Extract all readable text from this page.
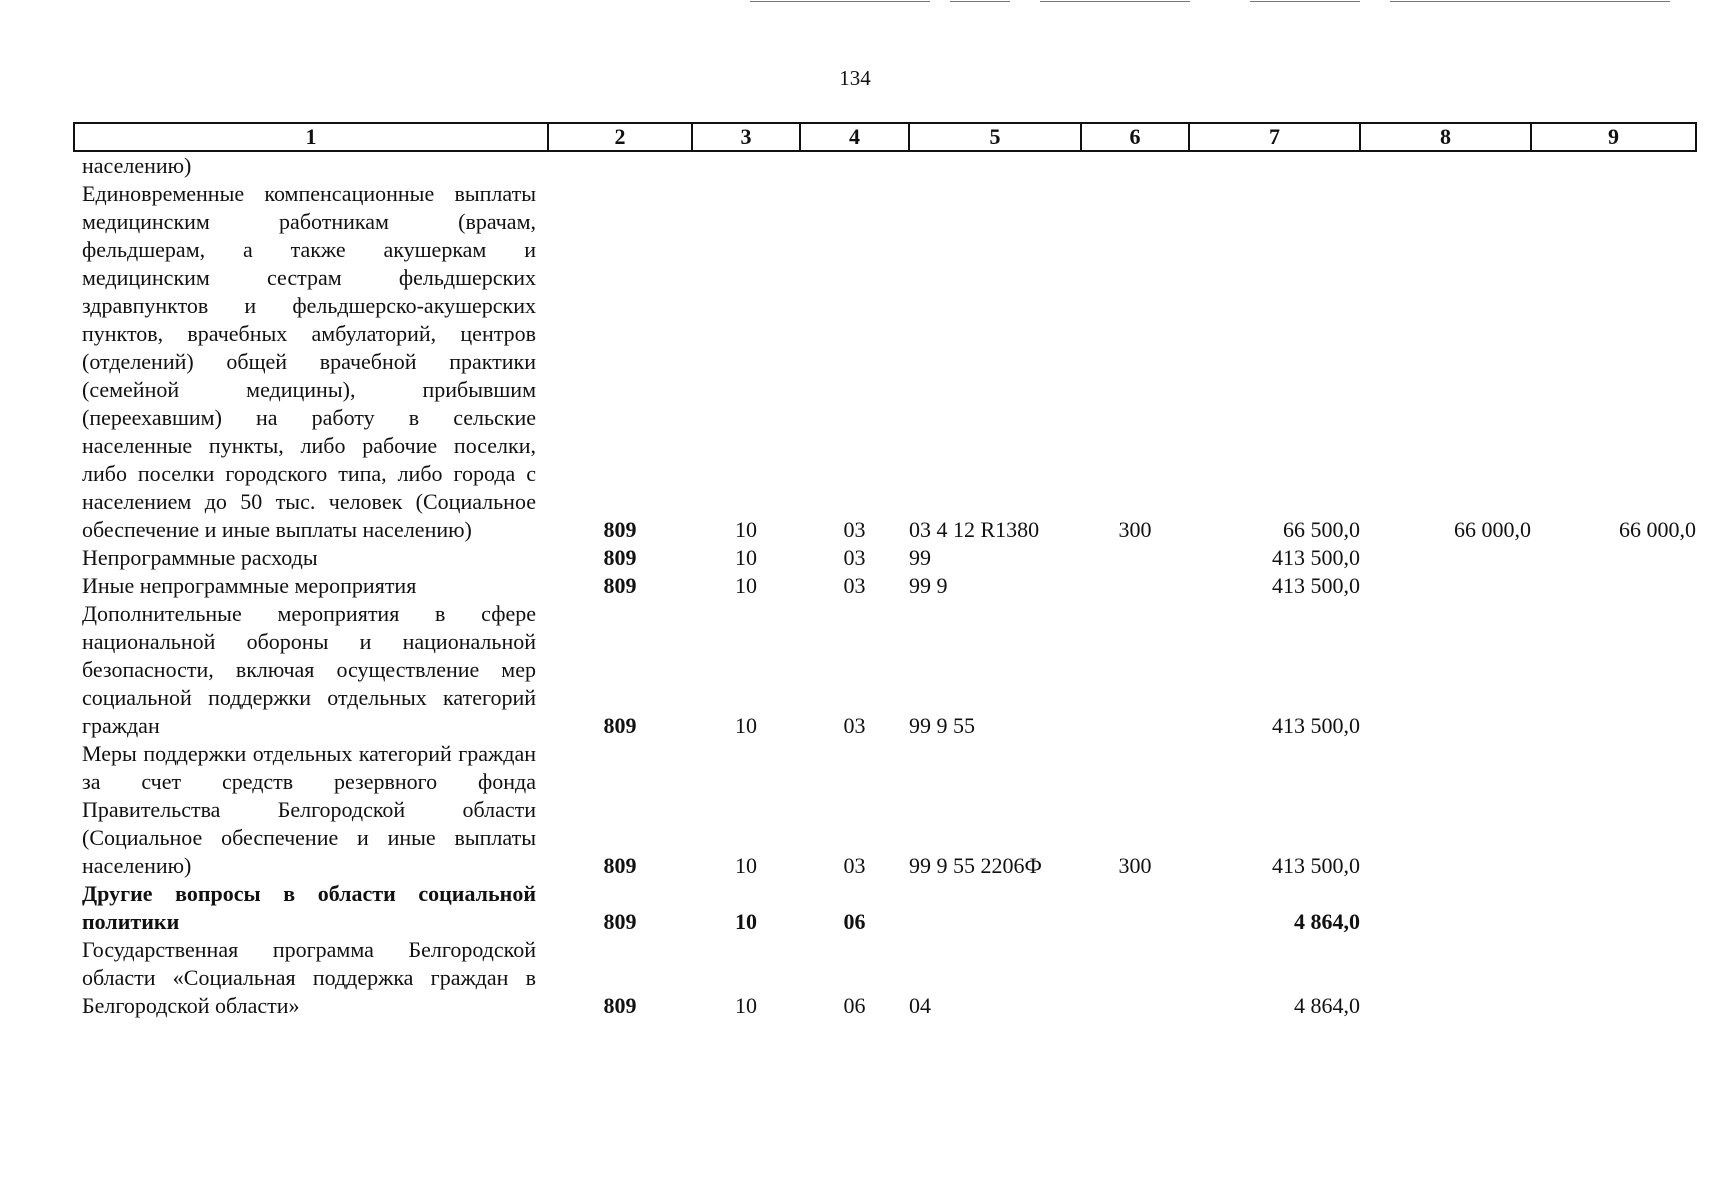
134
1	2	3	4	5	6	7	8	9
населению)								
Единовременные компенсационные выплаты медицинским работникам (врачам, фельдшерам, а также акушеркам и медицинским сестрам фельдшерских здравпунктов и фельдшерско-акушерских пунктов, врачебных амбулаторий, центров (отделений) общей врачебной практики (семейной медицины), прибывшим (переехавшим) на работу в сельские населенные пункты, либо рабочие поселки, либо поселки городского типа, либо города с населением до 50 тыс. человек (Социальное обеспечение и иные выплаты населению)	809	10	03	03 4 12 R1380	300	66 500,0	66 000,0	66 000,0
Непрограммные расходы	809	10	03	99		413 500,0		
Иные непрограммные мероприятия	809	10	03	99 9		413 500,0		
Дополнительные мероприятия в сфере национальной обороны и национальной безопасности, включая осуществление мер социальной поддержки отдельных категорий граждан	809	10	03	99 9 55		413 500,0		
Меры поддержки отдельных категорий граждан за счет средств резервного фонда Правительства Белгородской области (Социальное обеспечение и иные выплаты населению)	809	10	03	99 9 55 2206Ф	300	413 500,0		
Другие вопросы в области социальной политики	809	10	06			4 864,0		
Государственная программа Белгородской области «Социальная поддержка граждан в Белгородской области»	809	10	06	04		4 864,0		
